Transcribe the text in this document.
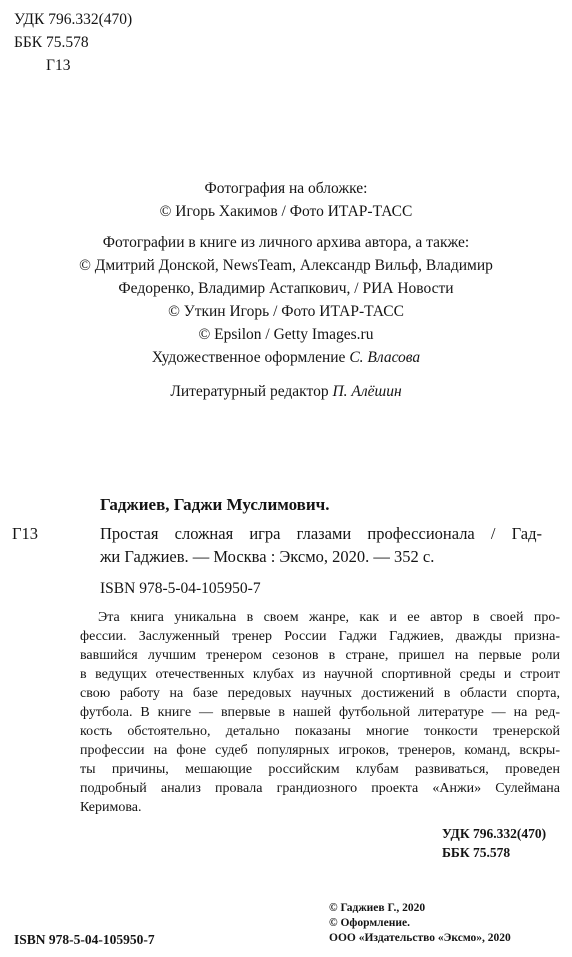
УДК 796.332(470)
ББК 75.578
Г13
Фотография на обложке:
© Игорь Хакимов / Фото ИТАР-ТАСС
Фотографии в книге из личного архива автора, а также:
© Дмитрий Донской, NewsTeam, Александр Вильф, Владимир
Федоренко, Владимир Астапкович, / РИА Новости
© Уткин Игорь / Фото ИТАР-ТАСС
© Epsilon / Getty Images.ru
Художественное оформление С. Власова
Литературный редактор П. Алёшин
Гаджиев, Гаджи Муслимович.
Г13	Простая сложная игра глазами профессионала / Гад-
жи Гаджиев. — Москва : Эксмо, 2020. — 352 с.
ISBN 978-5-04-105950-7
Эта книга уникальна в своем жанре, как и ее автор в своей про-
фессии. Заслуженный тренер России Гаджи Гаджиев, дважды призна-
вавшийся лучшим тренером сезонов в стране, пришел на первые роли
в ведущих отечественных клубах из научной спортивной среды и строит
свою работу на базе передовых научных достижений в области спорта,
футбола. В книге — впервые в нашей футбольной литературе — на ред-
кость обстоятельно, детально показаны многие тонкости тренерской
профессии на фоне судеб популярных игроков, тренеров, команд, вскры-
ты причины, мешающие российским клубам развиваться, проведен
подробный анализ провала грандиозного проекта «Анжи» Сулеймана
Керимова.
УДК 796.332(470)
ББК 75.578
© Гаджиев Г., 2020
© Оформление.
ООО «Издательство «Эксмо», 2020
ISBN 978-5-04-105950-7
